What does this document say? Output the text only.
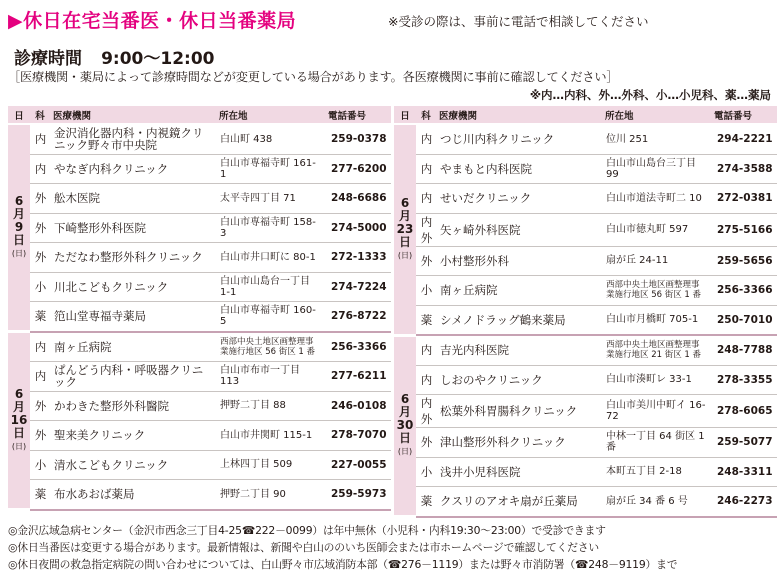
▶休日在宅当番医・休日当番薬局	※受診の際は、事前に電話で相談してください
診療時間 9:00〜12:00
［医療機関・薬局によって診療時間などが変更している場合があります。各医療機関に事前に確認してください］
※内…内科、外…外科、小…小児科、薬…薬局
日	科	医療機関	所在地	電話番号

6
月
9
日
(日)	内	金沢消化器内科・内視鏡クリニック野々市中央院	白山町 438	259-0378
	内	やなぎ内科クリニック	白山市専福寺町 161-1	277-6200
	外	舩木医院	太平寺四丁目 71	248-6686
	外	下崎整形外科医院	白山市専福寺町 158-3	274-5000
	外	ただなわ整形外科クリニック	白山市井口町に 80-1	272-1333
	小	川北こどもクリニック	白山市山島台一丁目 1-1	274-7224
	薬	笵山堂専福寺薬局	白山市専福寺町 160-5	276-8722

6
月
16
日
(日)	内	南ヶ丘病院	西部中央土地区画整理事業施行地区 56 街区 1 番	256-3366
	内	ぱんどう内科・呼吸器クリニック	白山市布市一丁目 113	277-6211
	外	かわきた整形外科醫院	押野二丁目 88	246-0108
	外	聖来美クリニック	白山市井関町 115-1	278-7070
	小	清水こどもクリニック	上林四丁目 509	227-0055
	薬	布水あおば薬局	押野二丁目 90	259-5973
日	科	医療機関	所在地	電話番号

6
月
23
日
(日)	内	つじ川内科クリニック	位川 251	294-2221
	内	やまもと内科医院	白山市山島台三丁目 99	274-3588
	内	せいだクリニック	白山市道法寺町二 10	272-0381
	内外	矢ヶ崎外科医院	白山市徳丸町 597	275-5166
	外	小村整形外科	扇が丘 24-11	259-5656
	小	南ヶ丘病院	西部中央土地区画整理事業施行地区 56 街区 1 番	256-3366
	薬	シメノドラッグ鶴来薬局	白山市月橋町 705-1	250-7010

6
月
30
日
(日)	内	吉光内科医院	西部中央土地区画整理事業施行地区 21 街区 1 番	248-7788
	内	しおのやクリニック	白山市湊町レ 33-1	278-3355
	内外	松葉外科胃腸科クリニック	白山市美川中町イ 16-72	278-6065
	外	津山整形外科クリニック	中林一丁目 64 街区 1 番	259-5077
	小	浅井小児科医院	本町五丁目 2-18	248-3311
	薬	クスリのアオキ扇が丘薬局	扇が丘 34 番 6 号	246-2273
◎金沢広域急病センター（金沢市西念三丁目4-25☎222－0099）は年中無休（小児科・内科19:30～23:00）で受診できます
◎休日当番医は変更する場合があります。最新情報は、新聞や白山ののいち医師会または市ホームページで確認してください
◎休日夜間の救急指定病院の問い合わせについては、白山野々市広域消防本部（☎276－1119）または野々市消防署（☎248－9119）まで
